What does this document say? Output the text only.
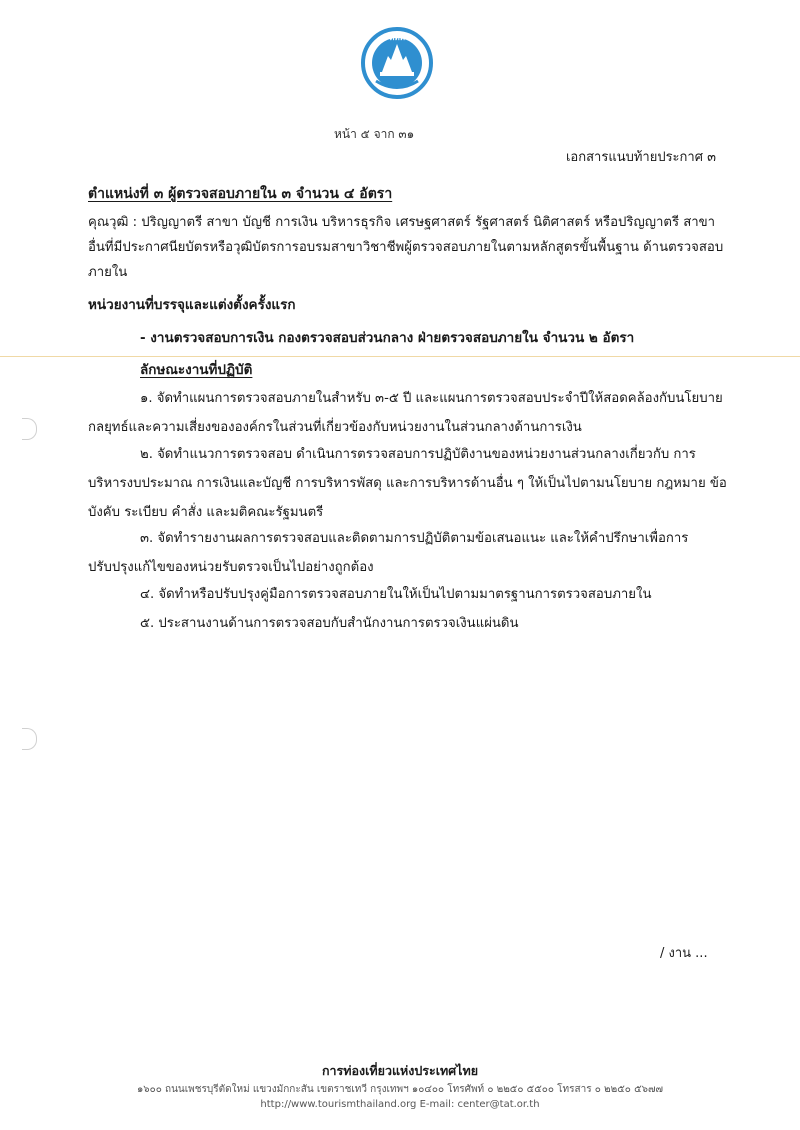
ททท
หน้า ๕ จาก ๓๑
เอกสารแนบท้ายประกาศ ๓
ตำแหน่งที่ ๓ ผู้ตรวจสอบภายใน ๓ จำนวน ๔ อัตรา
คุณวุฒิ : ปริญญาตรี สาขา บัญชี การเงิน บริหารธุรกิจ เศรษฐศาสตร์ รัฐศาสตร์ นิติศาสตร์ หรือปริญญาตรี สาขาอื่นที่มีประกาศนียบัตรหรือวุฒิบัตรการอบรมสาขาวิชาชีพผู้ตรวจสอบภายในตามหลักสูตรขั้นพื้นฐาน ด้านตรวจสอบภายใน
หน่วยงานที่บรรจุและแต่งตั้งครั้งแรก
- งานตรวจสอบการเงิน กองตรวจสอบส่วนกลาง ฝ่ายตรวจสอบภายใน จำนวน ๒ อัตรา
ลักษณะงานที่ปฏิบัติ
๑. จัดทำแผนการตรวจสอบภายในสำหรับ ๓-๕ ปี และแผนการตรวจสอบประจำปีให้สอดคล้องกับนโยบายกลยุทธ์และความเสี่ยงขององค์กรในส่วนที่เกี่ยวข้องกับหน่วยงานในส่วนกลางด้านการเงิน
๒. จัดทำแนวการตรวจสอบ ดำเนินการตรวจสอบการปฏิบัติงานของหน่วยงานส่วนกลางเกี่ยวกับ การบริหารงบประมาณ การเงินและบัญชี การบริหารพัสดุ และการบริหารด้านอื่น ๆ ให้เป็นไปตามนโยบาย กฎหมาย ข้อบังคับ ระเบียบ คำสั่ง และมติคณะรัฐมนตรี
๓. จัดทำรายงานผลการตรวจสอบและติดตามการปฏิบัติตามข้อเสนอแนะ และให้คำปรึกษาเพื่อการปรับปรุงแก้ไขของหน่วยรับตรวจเป็นไปอย่างถูกต้อง
๔. จัดทำหรือปรับปรุงคู่มือการตรวจสอบภายในให้เป็นไปตามมาตรฐานการตรวจสอบภายใน
๕. ประสานงานด้านการตรวจสอบกับสำนักงานการตรวจเงินแผ่นดิน
/ งาน ...
การท่องเที่ยวแห่งประเทศไทย
๑๖๐๐ ถนนเพชรบุรีตัดใหม่ แขวงมักกะสัน เขตราชเทวี กรุงเทพฯ ๑๐๔๐๐ โทรศัพท์ ๐ ๒๒๕๐ ๕๕๐๐ โทรสาร ๐ ๒๒๕๐ ๕๖๗๗
http://www.tourismthailand.org E-mail: center@tat.or.th
